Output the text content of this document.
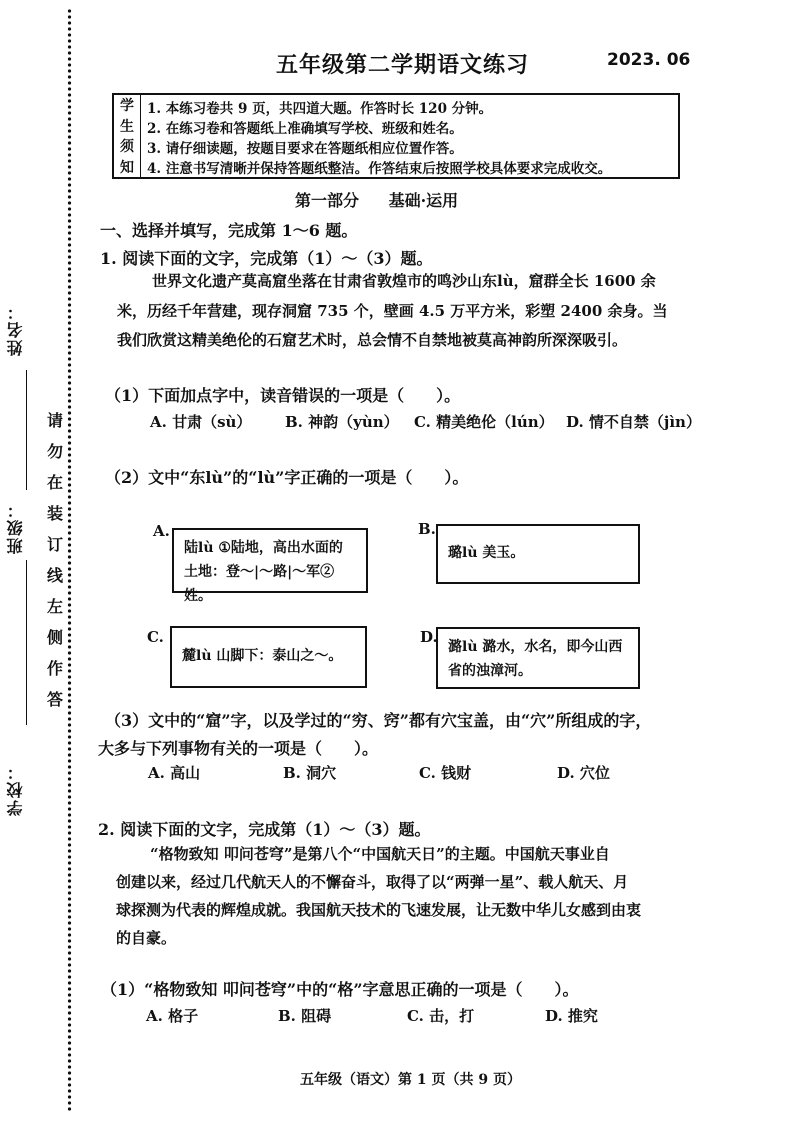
姓名：
班级：
学校：
请
勿
在
装
订
线
左
侧
作
答
五年级第二学期语文练习	2023. 06
学
生
须
知
1. 本练习卷共 9 页，共四道大题。作答时长 120 分钟。
2. 在练习卷和答题纸上准确填写学校、班级和姓名。
3. 请仔细读题，按题目要求在答题纸相应位置作答。
4. 注意书写清晰并保持答题纸整洁。作答结束后按照学校具体要求完成收交。
第一部分 基础·运用
一、选择并填写，完成第 1～6 题。
1. 阅读下面的文字，完成第（1）～（3）题。
世界文化遗产莫高窟坐落在甘肃省敦煌市的鸣沙山东lù，窟群全长 1600 余
米，历经千年营建，现存洞窟 735 个，壁画 4.5 万平方米，彩塑 2400 余身。当
我们欣赏这精美绝伦的石窟艺术时，总会情不自禁地被莫高神韵所深深吸引。
（1）下面加点字中，读音错误的一项是（　　）。
A. 甘肃（sù） B. 神韵（yùn） C. 精美绝伦（lún） D. 情不自禁（jìn）
（2）文中“东lù”的“lù”字正确的一项是（　　）。
A.
陆lù ①陆地，高出水面的土地：登～|～路|～军②姓。
B.
璐lù 美玉。
C.
麓lù 山脚下：泰山之～。
D.
潞lù 潞水，水名，即今山西省的浊漳河。
（3）文中的“窟”字，以及学过的“穷、窍”都有穴宝盖，由“穴”所组成的字，
大多与下列事物有关的一项是（　　）。
A. 高山	B. 洞穴	C. 钱财	D. 穴位
2. 阅读下面的文字，完成第（1）～（3）题。
“格物致知 叩问苍穹”是第八个“中国航天日”的主题。中国航天事业自
创建以来，经过几代航天人的不懈奋斗，取得了以“两弹一星”、载人航天、月
球探测为代表的辉煌成就。我国航天技术的飞速发展，让无数中华儿女感到由衷
的自豪。
（1）“格物致知 叩问苍穹”中的“格”字意思正确的一项是（　　）。
A. 格子	B. 阻碍	C. 击，打	D. 推究
五年级（语文）第 1 页（共 9 页）
